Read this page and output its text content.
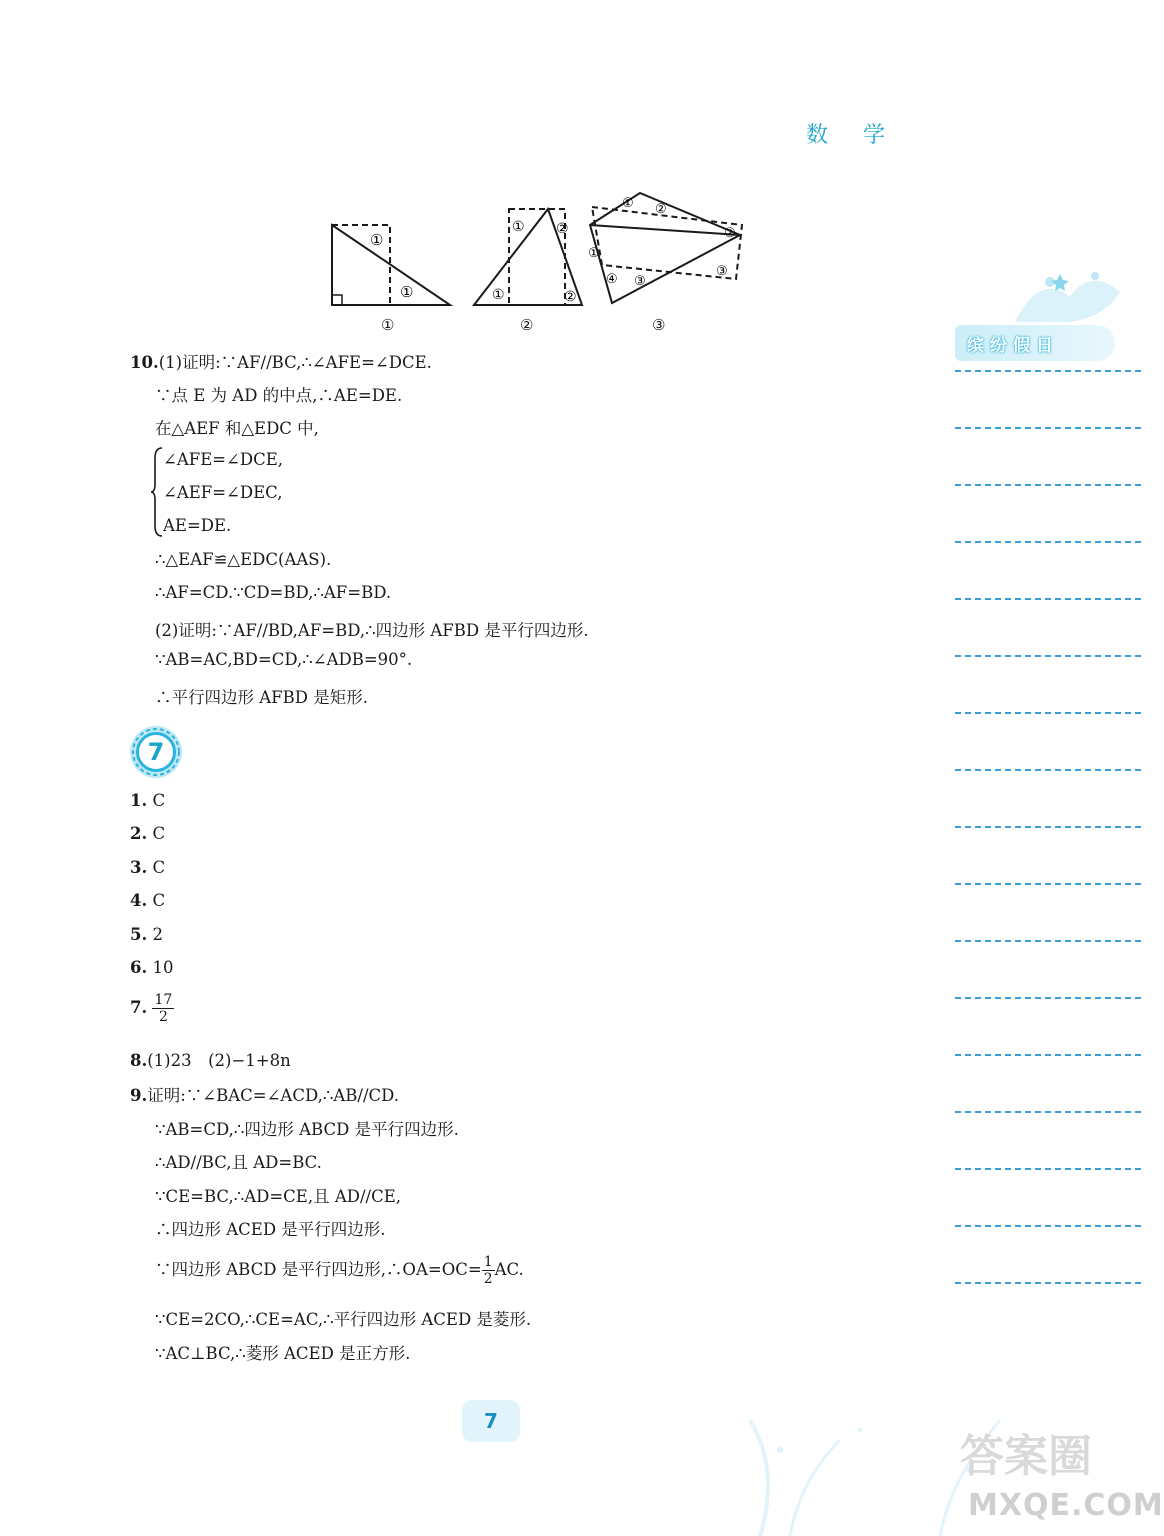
数 学
缤纷假日
①
①
① ②
①	②
① ②
②
①
④ ③
③
①	②	③
10.(1)证明:∵AF//BC,∴∠AFE=∠DCE.
∵点 E 为 AD 的中点,∴AE=DE.
在△AEF 和△EDC 中,
∠AFE=∠DCE,
∠AEF=∠DEC,
AE=DE.
∴△EAF≌△EDC(AAS).
∴AF=CD.∵CD=BD,∴AF=BD.
(2)证明:∵AF//BD,AF=BD,∴四边形 AFBD 是平行四边形.
∵AB=AC,BD=CD,∴∠ADB=90°.
∴平行四边形 AFBD 是矩形.
7
1. C
2. C
3. C
4. C
5. 2
6. 10
7. $\frac{17}{2}$
8.(1)23　(2)−1+8n
9.证明:∵∠BAC=∠ACD,∴AB//CD.
∵AB=CD,∴四边形 ABCD 是平行四边形.
∴AD//BC,且 AD=BC.
∵CE=BC,∴AD=CE,且 AD//CE,
∴四边形 ACED 是平行四边形.
∵四边形 ABCD 是平行四边形,∴OA=OC= $\frac{1}{2}$ AC.
∵CE=2CO,∴CE=AC,∴平行四边形 ACED 是菱形.
∵AC⊥BC,∴菱形 ACED 是正方形.
7
答案圈
MXQE.COM
